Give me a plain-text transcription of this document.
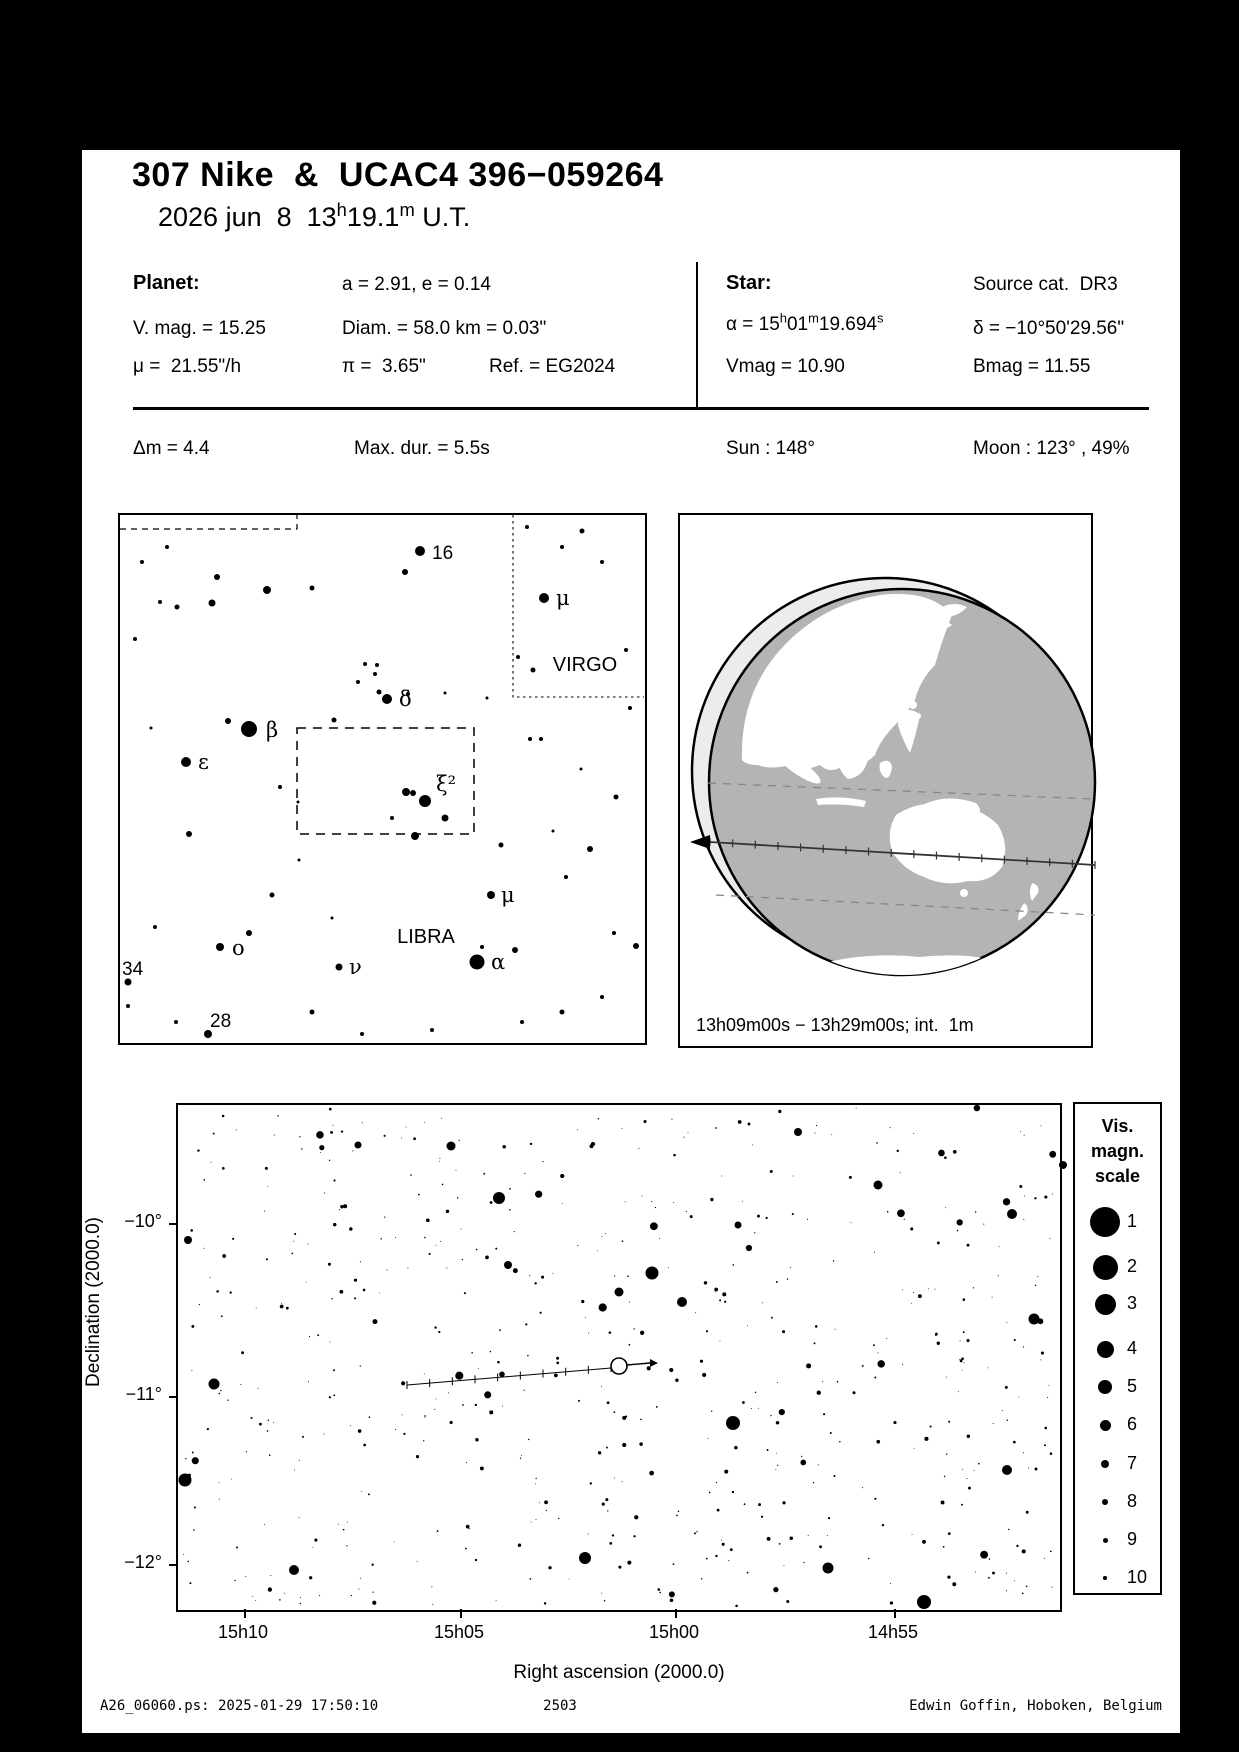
307 Nike  &  UCAC4 396−059264
2026 jun  8  13$^h$19.1$^m$ U.T.
Planet:	a = 2.91, e = 0.14
V. mag. = 15.25	Diam. = 58.0 km = 0.03"
μ =  21.55"/h	π =  3.65"	Ref. = EG2024
Star:	Source cat.  DR3
$\alpha = 15^h01^m19.694^s$	δ = −10°50'29.56"
Vmag = 10.90	Bmag = 11.55
Δm = 4.4	Max. dur. = 5.5s	Sun : 148°	Moon : 123° , 49%
16
μ
δ
β
ε
ξ²
μ
o
α
ν
34
28
VIRGO
LIBRA
13h09m00s − 13h29m00s; int.  1m
Vis.
magn.
scale
1
2
3
4
5
6
7
8
9
10
Declination (2000.0)
Right ascension (2000.0)
15h10	15h05	15h00	14h55
−10°
−11°
−12°
A26_06060.ps: 2025-01-29 17:50:10	2503	Edwin Goffin, Hoboken, Belgium
